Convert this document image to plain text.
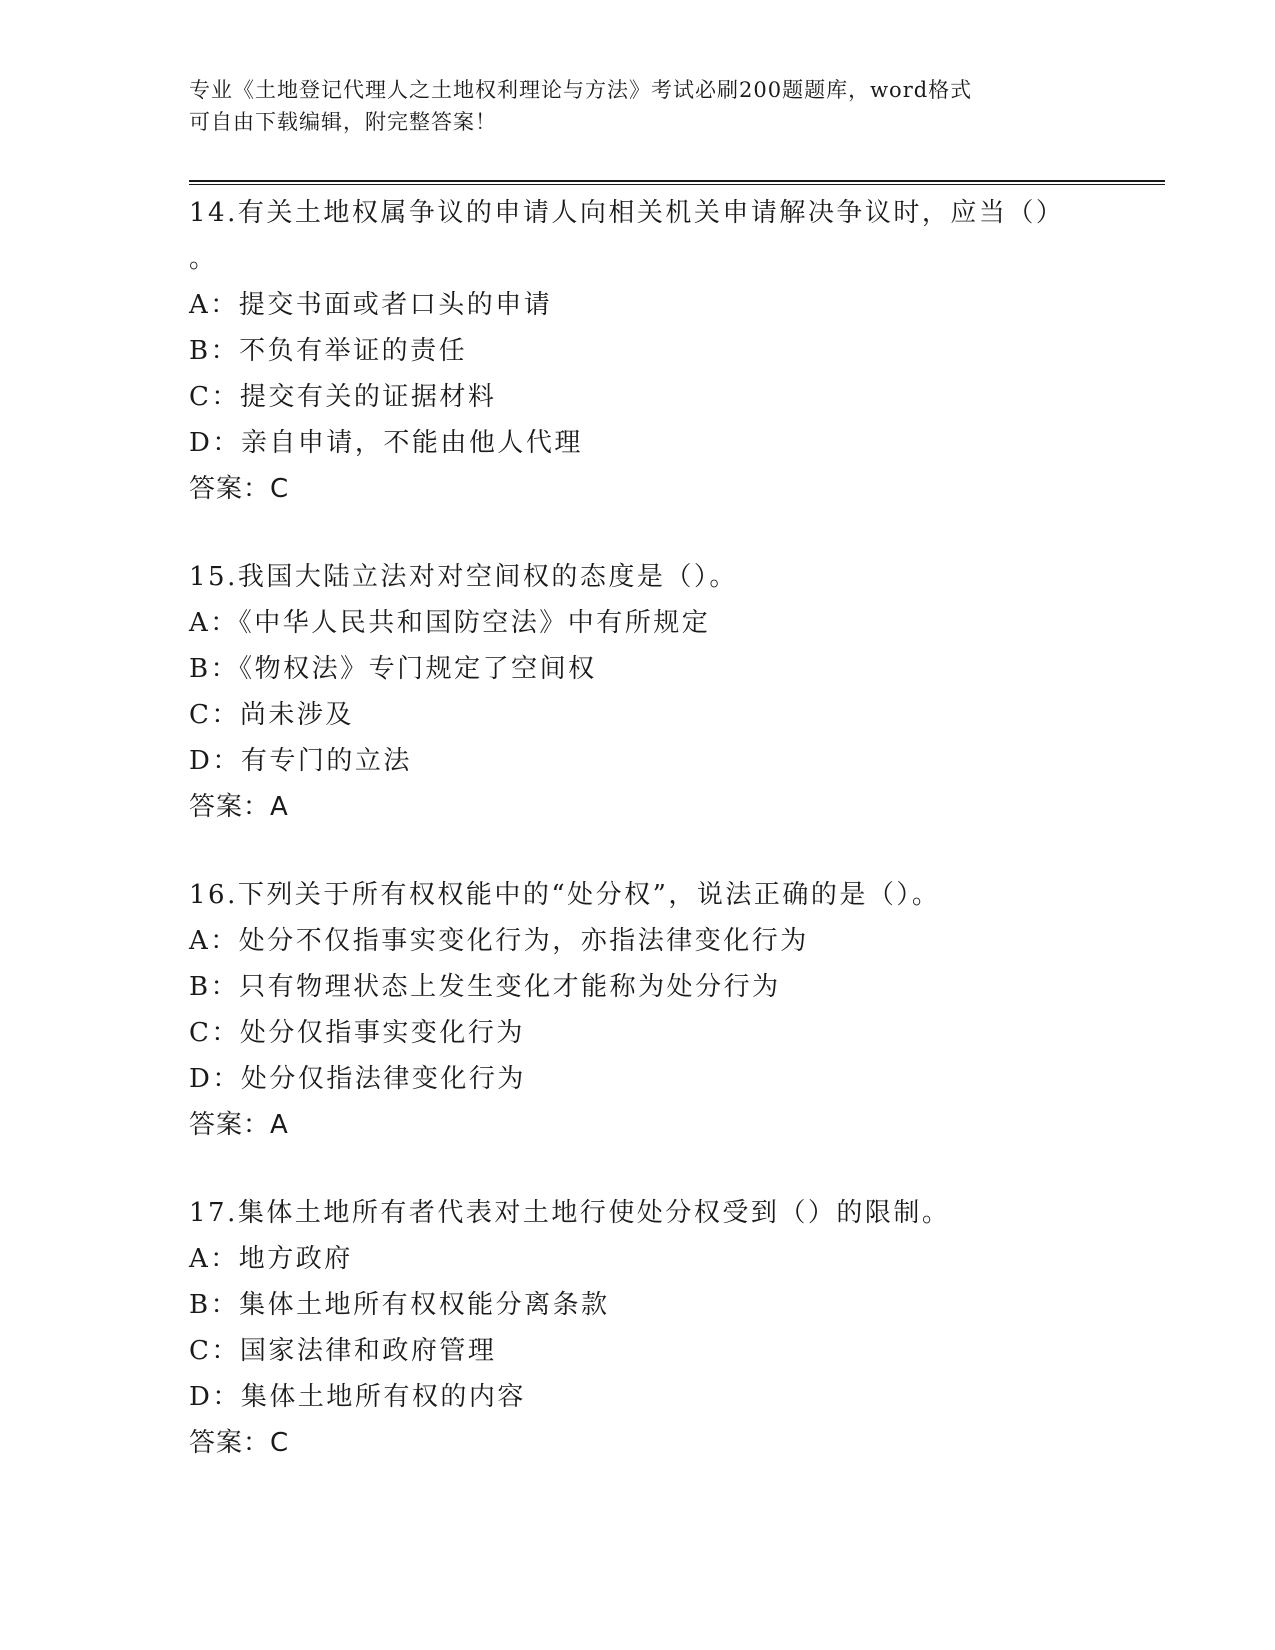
专业《土地登记代理人之土地权利理论与方法》考试必刷200题题库，word格式
可自由下载编辑，附完整答案！
14.有关土地权属争议的申请人向相关机关申请解决争议时，应当（）
。
A：提交书面或者口头的申请
B：不负有举证的责任
C：提交有关的证据材料
D：亲自申请，不能由他人代理
答案：C
15.我国大陆立法对对空间权的态度是（）。
A：《中华人民共和国防空法》中有所规定
B：《物权法》专门规定了空间权
C：尚未涉及
D：有专门的立法
答案：A
16.下列关于所有权权能中的“处分权”，说法正确的是（）。
A：处分不仅指事实变化行为，亦指法律变化行为
B：只有物理状态上发生变化才能称为处分行为
C：处分仅指事实变化行为
D：处分仅指法律变化行为
答案：A
17.集体土地所有者代表对土地行使处分权受到（）的限制。
A：地方政府
B：集体土地所有权权能分离条款
C：国家法律和政府管理
D：集体土地所有权的内容
答案：C
